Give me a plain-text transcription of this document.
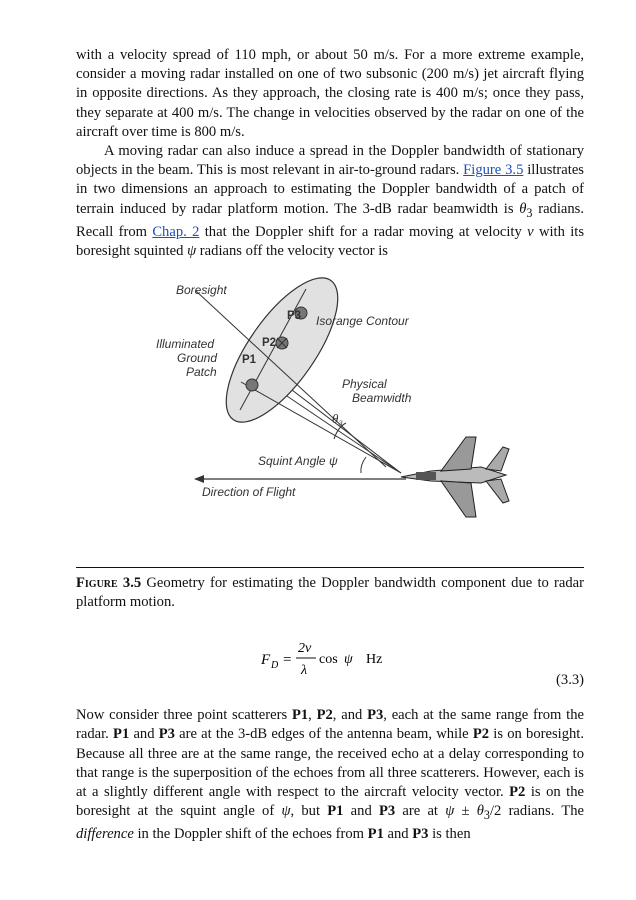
with a velocity spread of 110 mph, or about 50 m/s. For a more extreme example, consider a moving radar installed on one of two subsonic (200 m/s) jet aircraft flying in opposite directions. As they approach, the closing rate is 400 m/s; once they pass, they separate at 400 m/s. The change in velocities observed by the radar on one of the aircraft over time is 800 m/s.

A moving radar can also induce a spread in the Doppler bandwidth of stationary objects in the beam. This is most relevant in air-to-ground radars. Figure 3.5 illustrates in two dimensions an approach to estimating the Doppler bandwidth of a patch of terrain induced by radar platform motion. The 3-dB radar beamwidth is $\theta_3$ radians. Recall from Chap. 2 that the Doppler shift for a radar moving at velocity v with its boresight squinted ψ radians off the velocity vector is

Boresight
P3
P2
P1
Isorange Contour
Illuminated
Ground
Patch
Physical
Beamwidth
θ₃
Squint Angle ψ
Direction of Flight

Figure 3.5 Geometry for estimating the Doppler bandwidth component due to radar platform motion.

F D =
2v
λ
cos ψ Hz
(3.3)

Now consider three point scatterers P1, P2, and P3, each at the same range from the radar. P1 and P3 are at the 3-dB edges of the antenna beam, while P2 is on boresight. Because all three are at the same range, the received echo at a delay corresponding to that range is the superposition of the echoes from all three scatterers. However, each is at a slightly different angle with respect to the aircraft velocity vector. P2 is on the boresight at the squint angle of ψ, but P1 and P3 are at $\psi \pm \theta_3/2$ radians. The difference in the Doppler shift of the echoes from P1 and P3 is then
